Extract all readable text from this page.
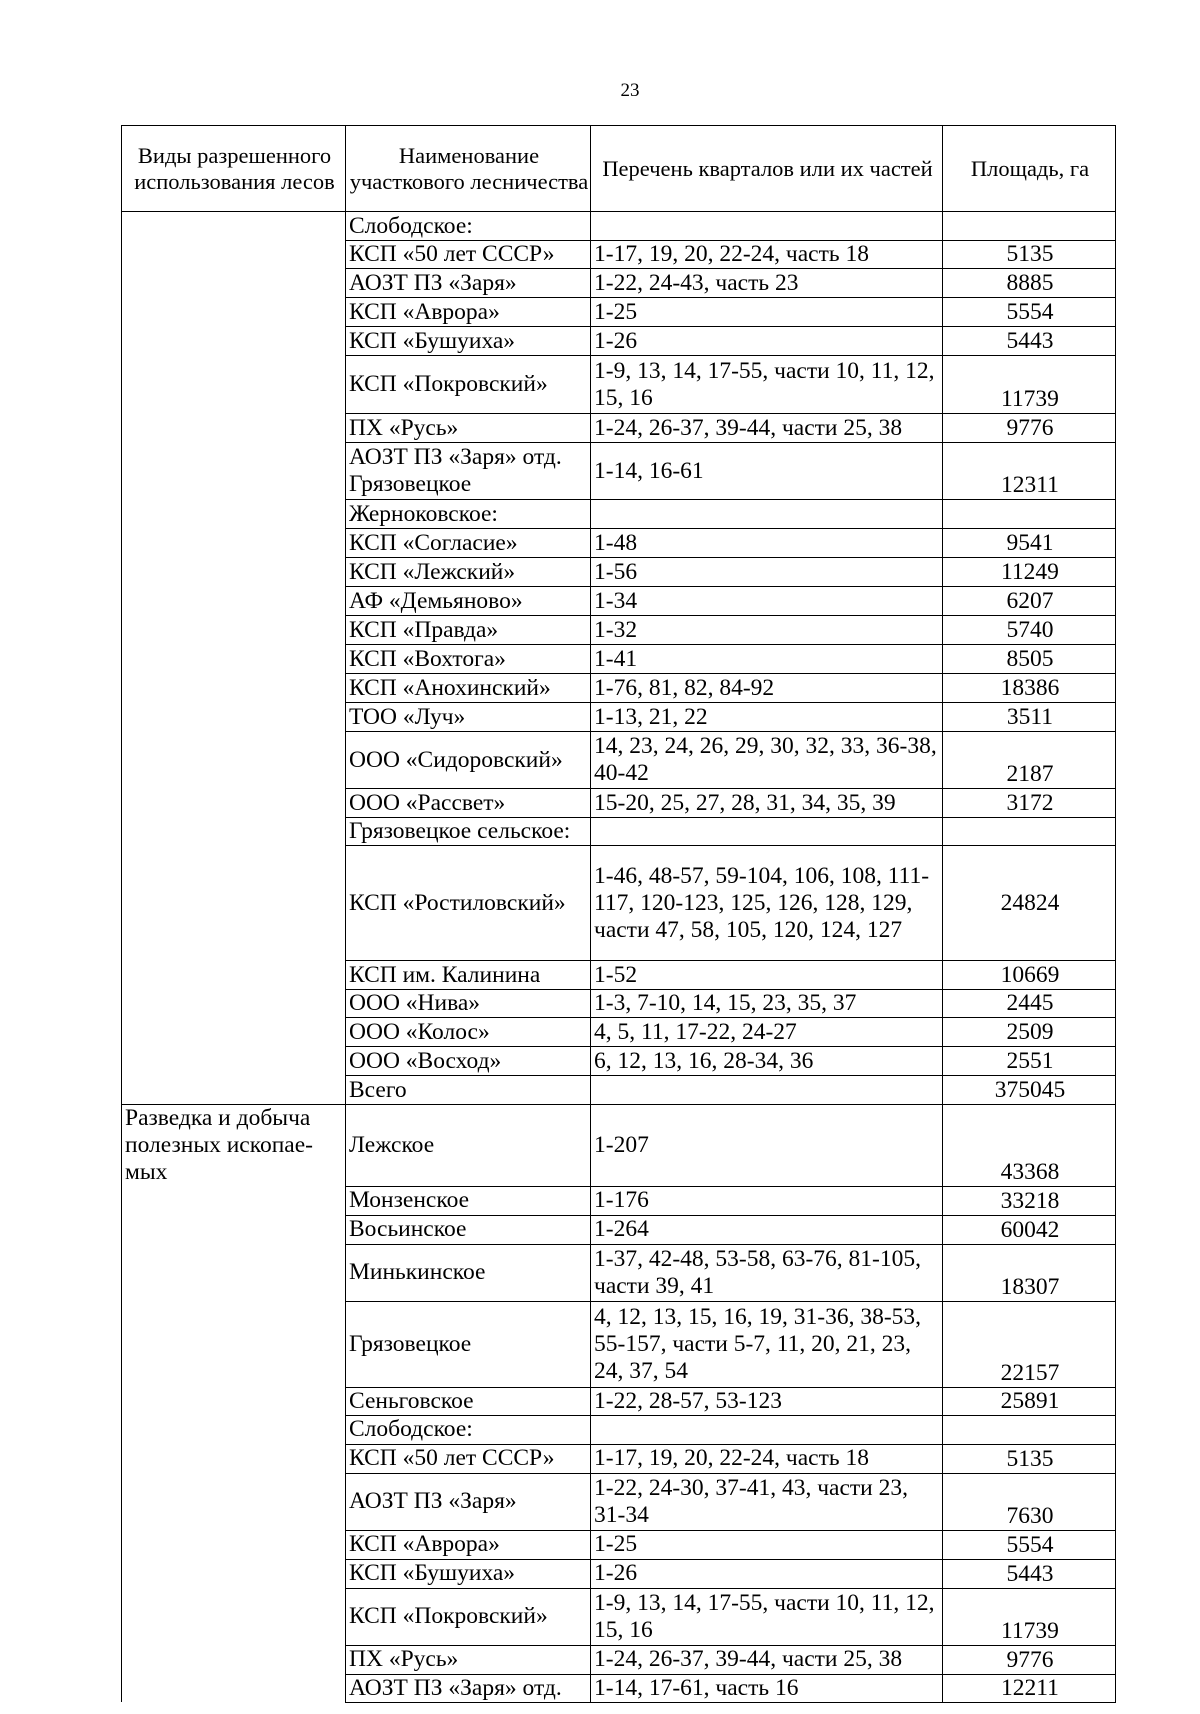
23
Виды разрешенного использования лесов	Наименование участкового лесничества	Перечень кварталов или их частей	Площадь, га
	Слободское:		
	КСП «50 лет СССР»	1-17, 19, 20, 22-24, часть 18	5135
	АОЗТ ПЗ «Заря»	1-22, 24-43, часть 23	8885
	КСП «Аврора»	1-25	5554
	КСП «Бушуиха»	1-26	5443
	КСП «Покровский»	1-9, 13, 14, 17-55, части 10, 11, 12, 15, 16	11739
	ПХ «Русь»	1-24, 26-37, 39-44, части 25, 38	9776
	АОЗТ ПЗ «Заря» отд. Грязовецкое	1-14, 16-61	12311
	Жерноковское:		
	КСП «Согласие»	1-48	9541
	КСП «Лежский»	1-56	11249
	АФ «Демьяново»	1-34	6207
	КСП «Правда»	1-32	5740
	КСП «Вохтога»	1-41	8505
	КСП «Анохинский»	1-76, 81, 82, 84-92	18386
	ТОО «Луч»	1-13, 21, 22	3511
	ООО «Сидоровский»	14, 23, 24, 26, 29, 30, 32, 33, 36-38, 40-42	2187
	ООО «Рассвет»	15-20, 25, 27, 28, 31, 34, 35, 39	3172
	Грязовецкое сельское:		
	КСП «Ростиловский»	1-46, 48-57, 59-104, 106, 108, 111-117, 120-123, 125, 126, 128, 129, части 47, 58, 105, 120, 124, 127	24824
	КСП им. Калинина	1-52	10669
	ООО «Нива»	1-3, 7-10, 14, 15, 23, 35, 37	2445
	ООО «Колос»	4, 5, 11, 17-22, 24-27	2509
	ООО «Восход»	6, 12, 13, 16, 28-34, 36	2551
	Всего		375045
Разведка и добыча полезных ископае-мых	Лежское	1-207	43368
	Монзенское	1-176	33218
	Восьинское	1-264	60042
	Минькинское	1-37, 42-48, 53-58, 63-76, 81-105, части 39, 41	18307
	Грязовецкое	4, 12, 13, 15, 16, 19, 31-36, 38-53, 55-157, части 5-7, 11, 20, 21, 23, 24, 37, 54	22157
	Сеньговское	1-22, 28-57, 53-123	25891
	Слободское:		
	КСП «50 лет СССР»	1-17, 19, 20, 22-24, часть 18	5135
	АОЗТ ПЗ «Заря»	1-22, 24-30, 37-41, 43, части 23, 31-34	7630
	КСП «Аврора»	1-25	5554
	КСП «Бушуиха»	1-26	5443
	КСП «Покровский»	1-9, 13, 14, 17-55, части 10, 11, 12, 15, 16	11739
	ПХ «Русь»	1-24, 26-37, 39-44, части 25, 38	9776
	АОЗТ ПЗ «Заря» отд.	1-14, 17-61, часть 16	12211
